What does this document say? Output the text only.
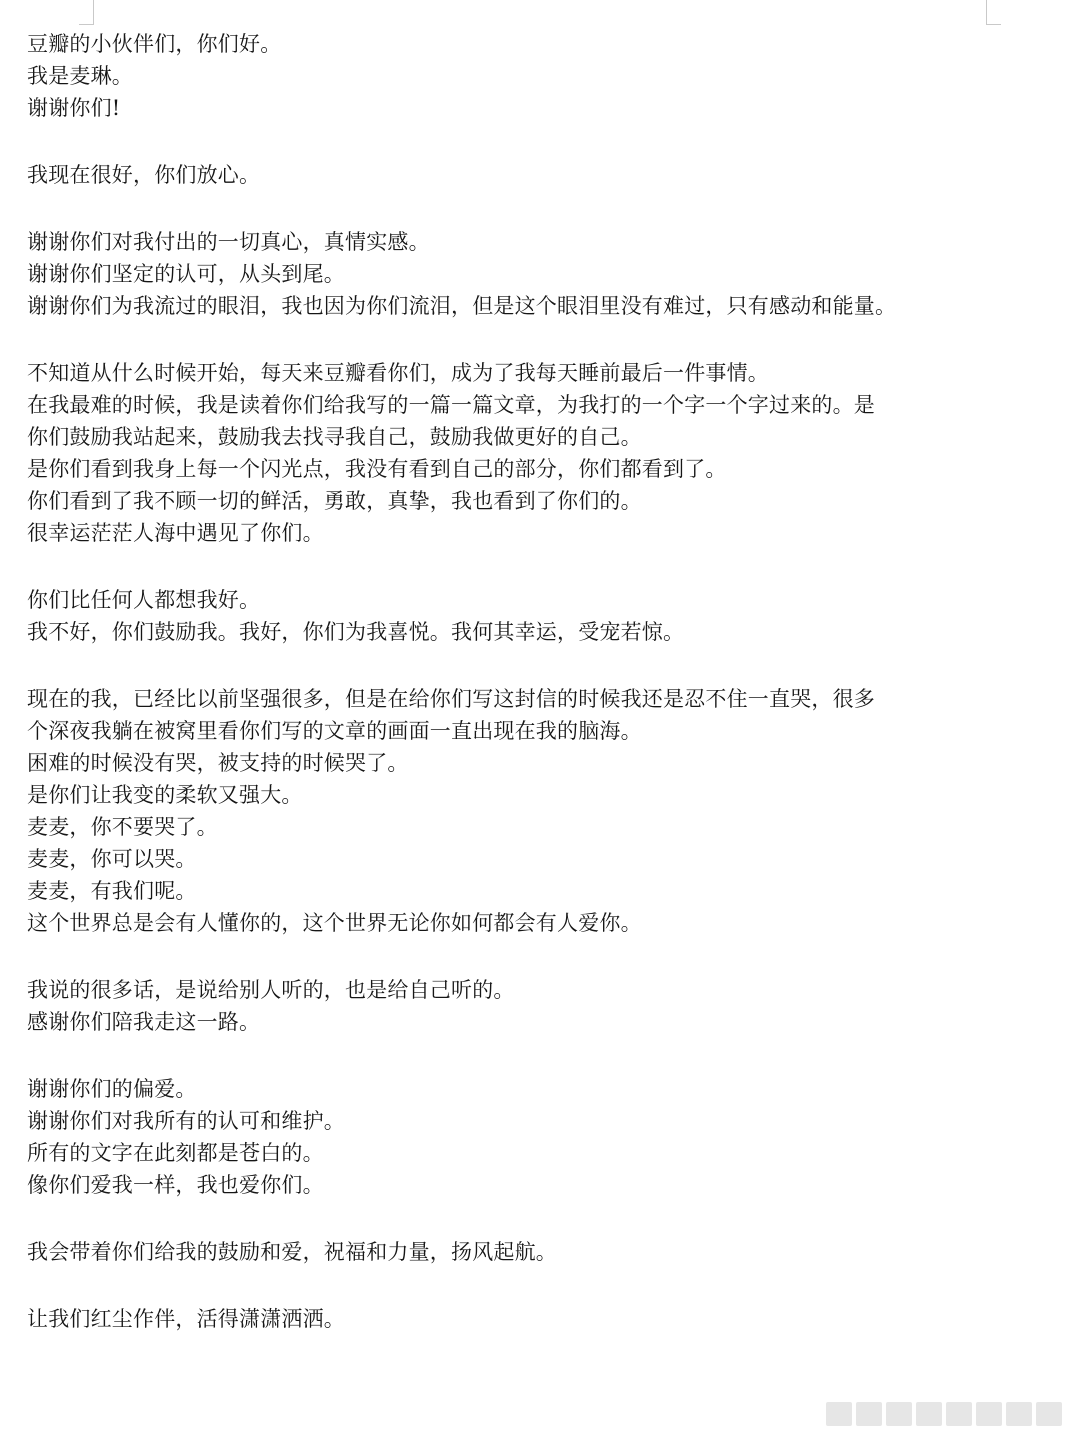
豆瓣的小伙伴们，你们好。
我是麦琳。
谢谢你们!
我现在很好，你们放心。
谢谢你们对我付出的一切真心，真情实感。
谢谢你们坚定的认可，从头到尾。
谢谢你们为我流过的眼泪，我也因为你们流泪，但是这个眼泪里没有难过，只有感动和能量。
不知道从什么时候开始，每天来豆瓣看你们，成为了我每天睡前最后一件事情。
在我最难的时候，我是读着你们给我写的一篇一篇文章，为我打的一个字一个字过来的。是
你们鼓励我站起来，鼓励我去找寻我自己，鼓励我做更好的自己。
是你们看到我身上每一个闪光点，我没有看到自己的部分，你们都看到了。
你们看到了我不顾一切的鲜活，勇敢，真挚，我也看到了你们的。
很幸运茫茫人海中遇见了你们。
你们比任何人都想我好。
我不好，你们鼓励我。我好，你们为我喜悦。我何其幸运，受宠若惊。
现在的我，已经比以前坚强很多，但是在给你们写这封信的时候我还是忍不住一直哭，很多
个深夜我躺在被窝里看你们写的文章的画面一直出现在我的脑海。
困难的时候没有哭，被支持的时候哭了。
是你们让我变的柔软又强大。
麦麦，你不要哭了。
麦麦，你可以哭。
麦麦，有我们呢。
这个世界总是会有人懂你的，这个世界无论你如何都会有人爱你。
我说的很多话，是说给别人听的，也是给自己听的。
感谢你们陪我走这一路。
谢谢你们的偏爱。
谢谢你们对我所有的认可和维护。
所有的文字在此刻都是苍白的。
像你们爱我一样，我也爱你们。
我会带着你们给我的鼓励和爱，祝福和力量，扬风起航。
让我们红尘作伴，活得潇潇洒洒。
